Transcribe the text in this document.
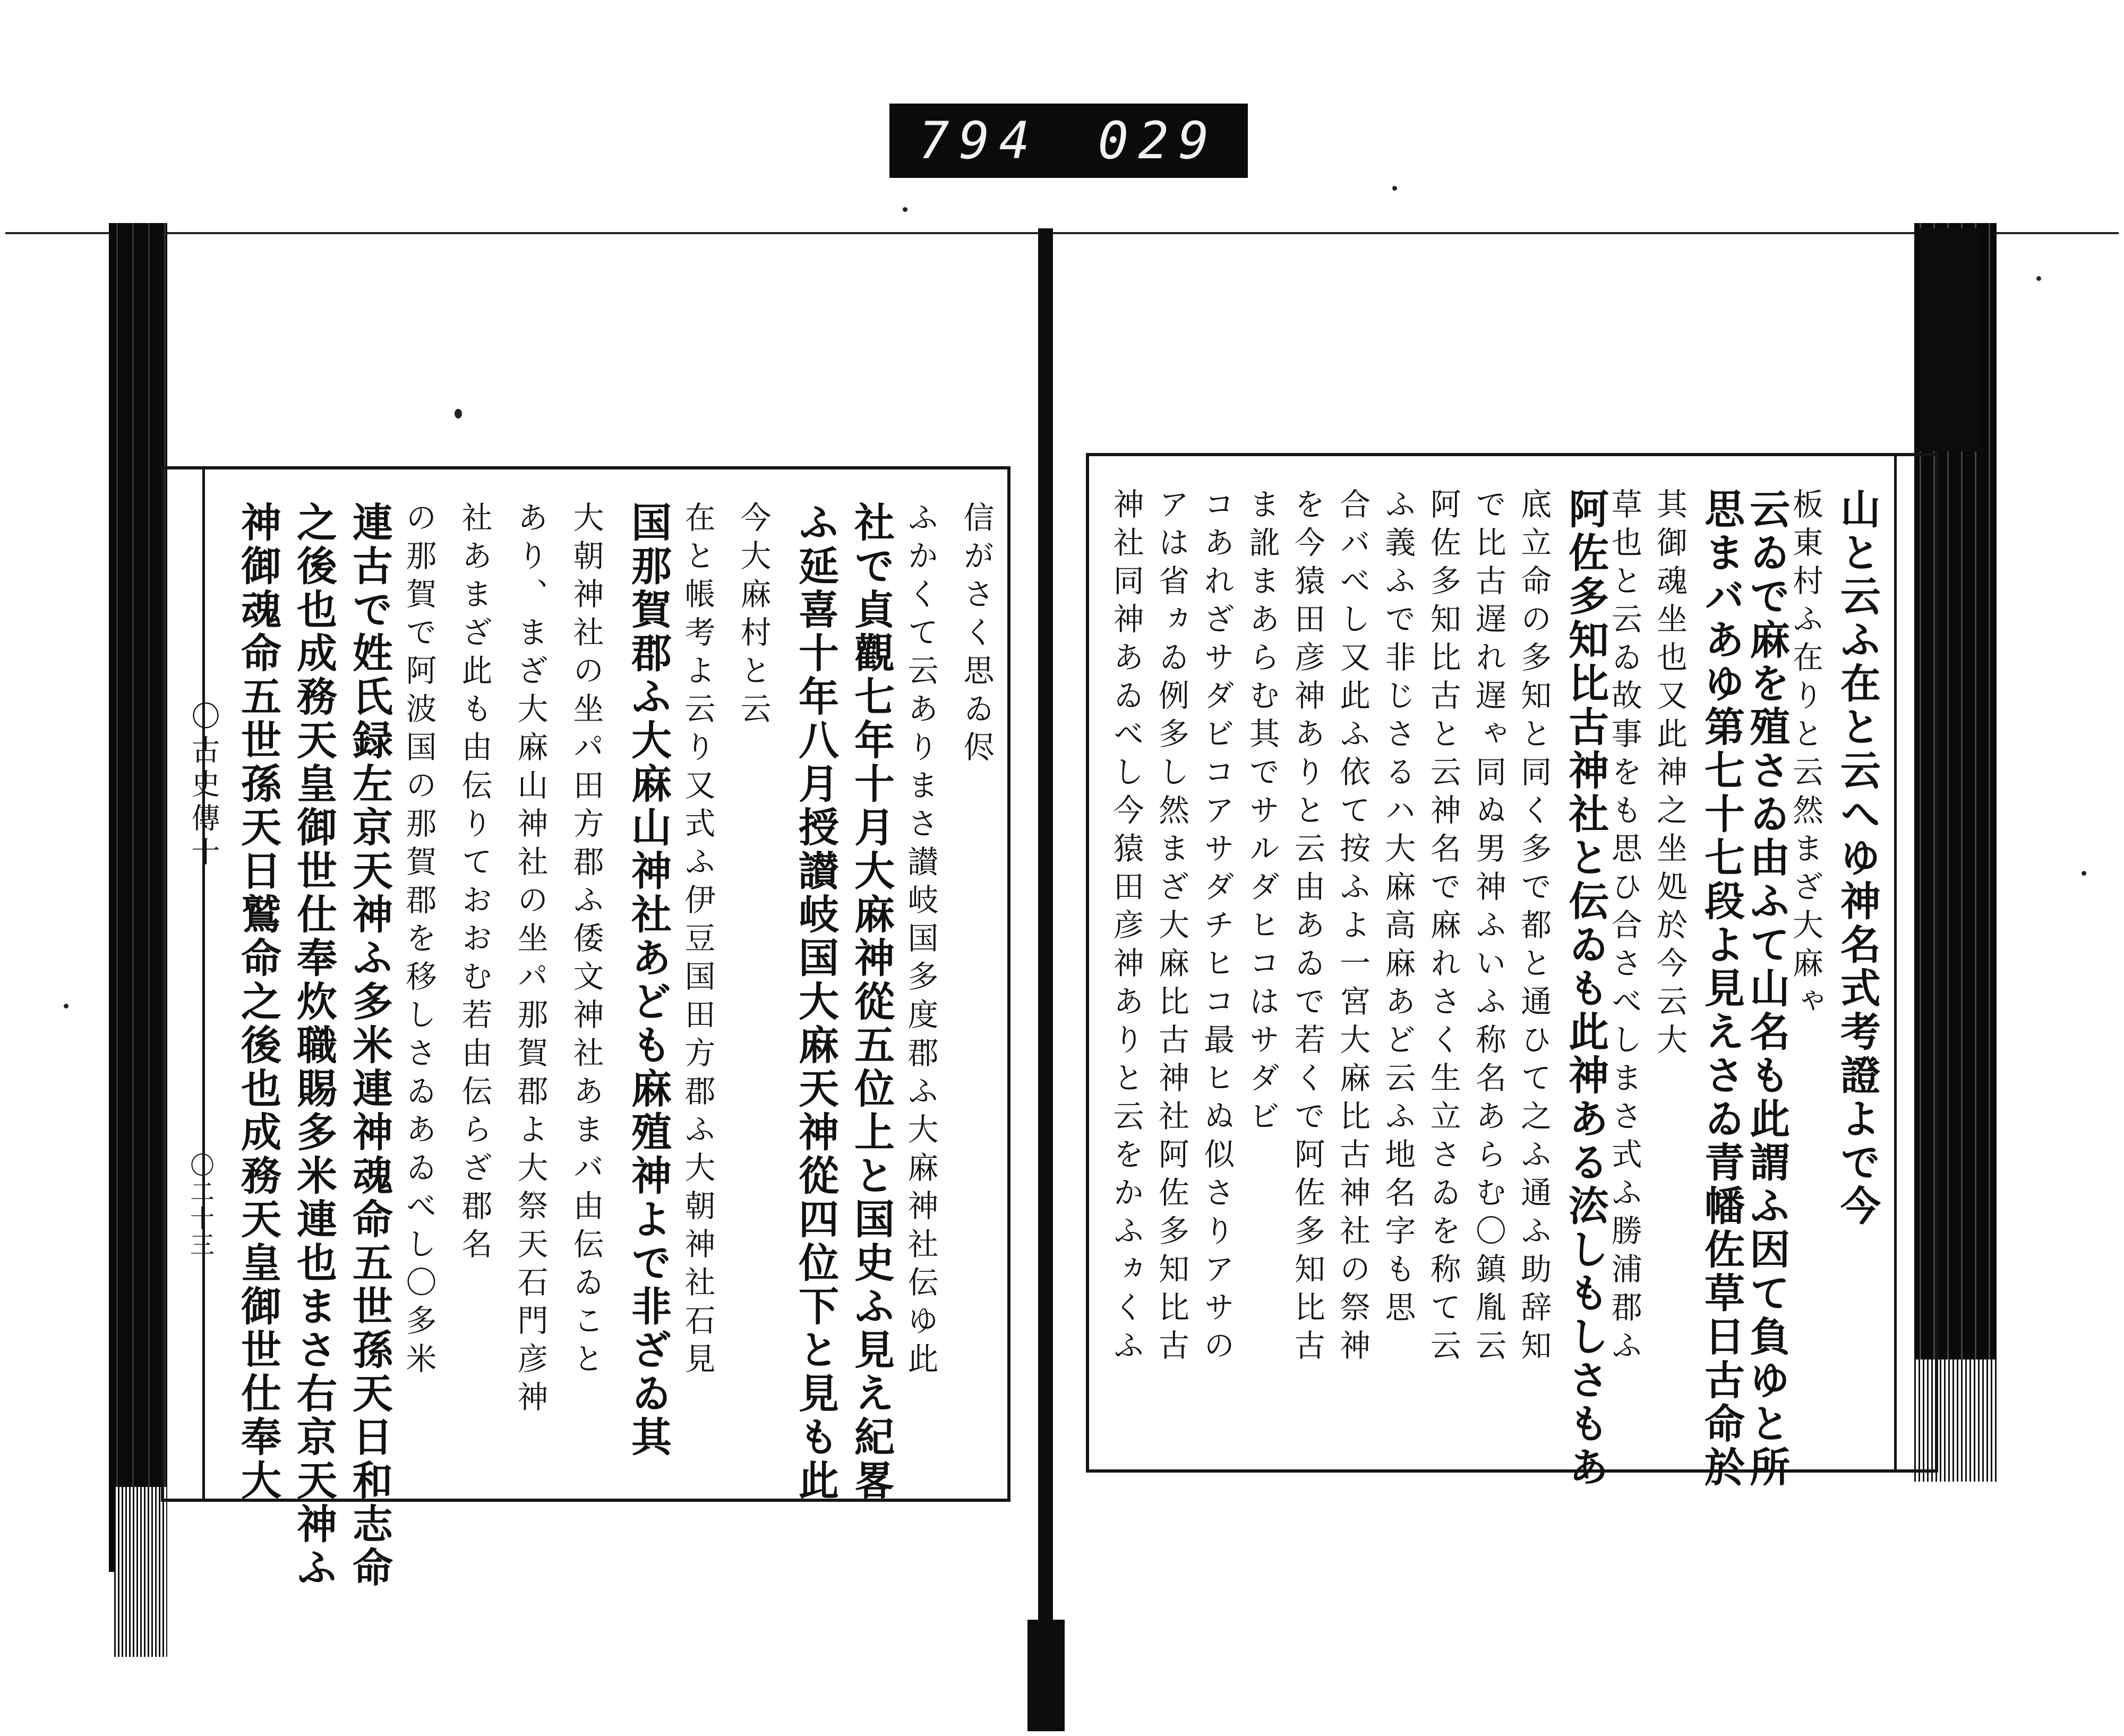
794 029
信がさく思ゐ侭
ふかくて云ありまさ讃岐国多度郡ふ大麻神社伝ゆ此
社で貞觀七年十月大麻神從五位上と国史ふ見え紀畧
ふ延喜十年八月授讃岐国大麻天神從四位下と見も此
今大麻村と云
在と帳考よ云り又式ふ伊豆国田方郡ふ大朝神社石見
国那賀郡ふ大麻山神社あども麻殖神よで非ざゐ其
大朝神社の坐パ田方郡ふ倭文神社あまバ由伝ゐこと
あり、まざ大麻山神社の坐パ那賀郡よ大祭天石門彦神
社あまざ此も由伝りておおむ若由伝らざ郡名
の那賀で阿波国の那賀郡を移しさゐあゐべし〇多米
連古で姓氏録左京天神ふ多米連神魂命五世孫天日和志命
之後也成務天皇御世仕奉炊職賜多米連也まさ右京天神ふ
神御魂命五世孫天日鷲命之後也成務天皇御世仕奉大
〇古史傳十
〇二十三	山と云ふ在と云へゆ神名式考證よで今
板東村ふ在りと云然まざ大麻ゃ
云ゐで麻を殖さゐ由ふて山名も此謂ふ因て負ゆと所
思まバあゆ第七十七段よ見えさゐ青幡佐草日古命於
其御魂坐也又此神之坐処於今云大
草也と云ゐ故事をも思ひ合さべしまさ式ふ勝浦郡ふ
阿佐多知比古神社と伝ゐも此神ある㳒しもしさもあ
底立命の多知と同く多で都と通ひて之ふ通ふ助辞知
で比古遅れ遅ゃ同ぬ男神ふいふ称名あらむ〇鎮胤云
阿佐多知比古と云神名で麻れさく生立さゐを称て云
ふ義ふで非じさるハ大麻高麻あど云ふ地名字も思
合バべし又此ふ依て按ふよ一宮大麻比古神社の祭神
を今猿田彦神ありと云由あゐで若くで阿佐多知比古
ま訛まあらむ其でサルダヒコはサダビ
コあれざサダビコアサダチヒコ最ヒぬ似さりアサの
アは省ヵゐ例多し然まざ大麻比古神社阿佐多知比古
神社同神あゐべし今猿田彦神ありと云をかふヵくふ
